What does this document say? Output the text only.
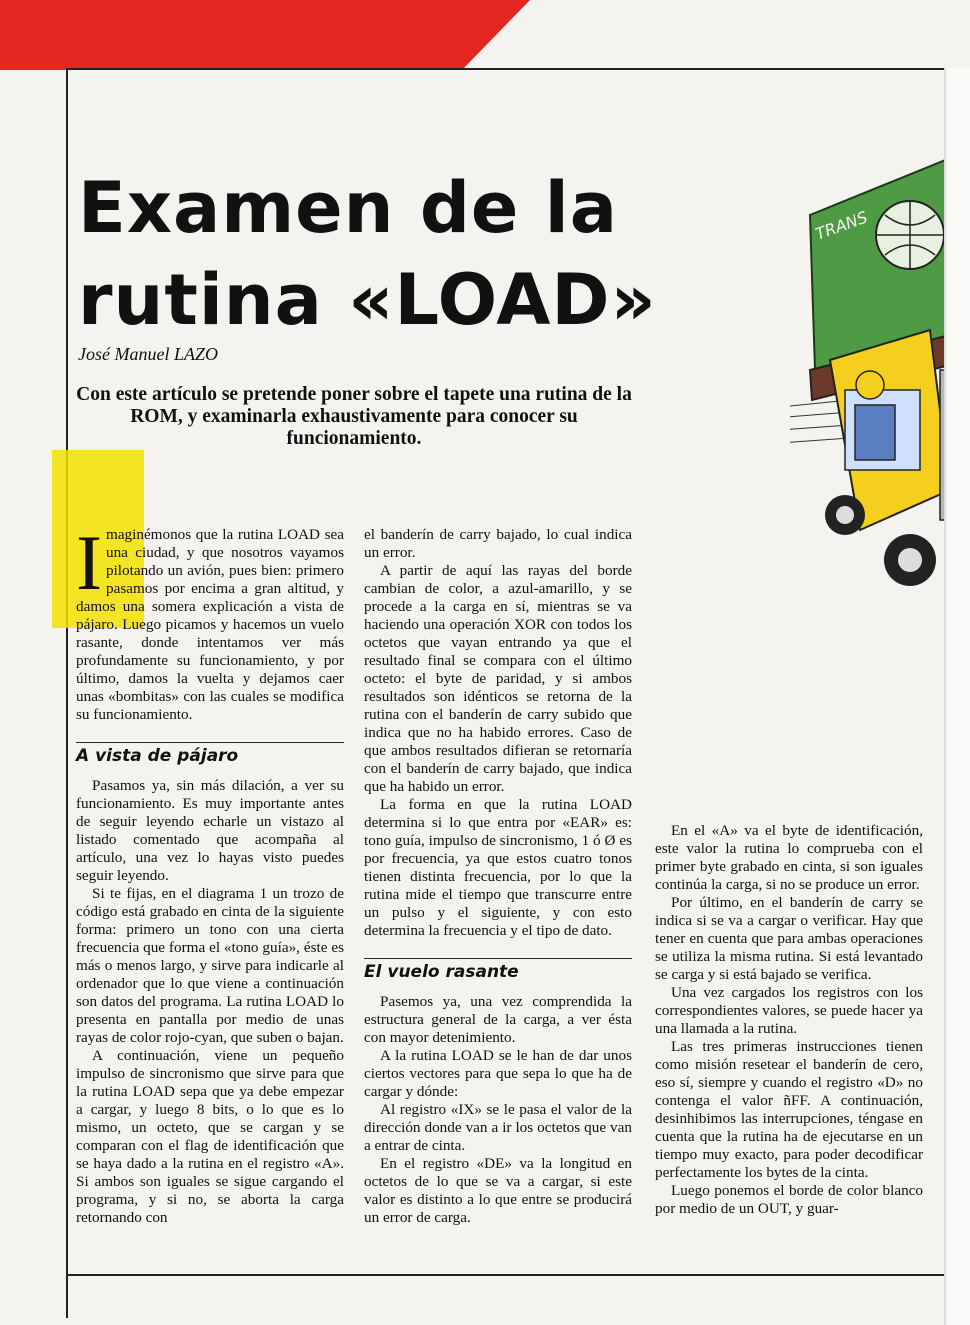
TRANS
Examen de la
rutina «LOAD»
José Manuel LAZO
Con este artículo se pretende poner sobre el tapete una rutina de la ROM, y examinarla exhaustivamente para conocer su funcionamiento.

Imaginémonos que la rutina LOAD sea una ciudad, y que nosotros vayamos pilotando un avión, pues bien: primero pasamos por encima a gran altitud, y damos una somera explicación a vista de pájaro. Luego picamos y hacemos un vuelo rasante, donde intentamos ver más profundamente su funcionamiento, y por último, damos la vuelta y dejamos caer unas «bombitas» con las cuales se modifica su funcionamiento.

A vista de pájaro

Pasamos ya, sin más dilación, a ver su funcionamiento. Es muy importante antes de seguir leyendo echarle un vistazo al listado comentado que acompaña al artículo, una vez lo hayas visto puedes seguir leyendo.

Si te fijas, en el diagrama 1 un trozo de código está grabado en cinta de la siguiente forma: primero un tono con una cierta frecuencia que forma el «tono guía», éste es más o menos largo, y sirve para indicarle al ordenador que lo que viene a continuación son datos del programa. La rutina LOAD lo presenta en pantalla por medio de unas rayas de color rojo-cyan, que suben o bajan.

A continuación, viene un pequeño impulso de sincronismo que sirve para que la rutina LOAD sepa que ya debe empezar a cargar, y luego 8 bits, o lo que es lo mismo, un octeto, que se cargan y se comparan con el flag de identificación que se haya dado a la rutina en el registro «A». Si ambos son iguales se sigue cargando el programa, y si no, se aborta la carga retornando con

el banderín de carry bajado, lo cual indica un error.

A partir de aquí las rayas del borde cambian de color, a azul-amarillo, y se procede a la carga en sí, mientras se va haciendo una operación XOR con todos los octetos que vayan entrando ya que el resultado final se compara con el último octeto: el byte de paridad, y si ambos resultados son idénticos se retorna de la rutina con el banderín de carry subido que indica que no ha habido errores. Caso de que ambos resultados difieran se retornaría con el banderín de carry bajado, que indica que ha habido un error.

La forma en que la rutina LOAD determina si lo que entra por «EAR» es: tono guía, impulso de sincronismo, 1 ó Ø es por frecuencia, ya que estos cuatro tonos tienen distinta frecuencia, por lo que la rutina mide el tiempo que transcurre entre un pulso y el siguiente, y con esto determina la frecuencia y el tipo de dato.

El vuelo rasante

Pasemos ya, una vez comprendida la estructura general de la carga, a ver ésta con mayor detenimiento.

A la rutina LOAD se le han de dar unos ciertos vectores para que sepa lo que ha de cargar y dónde:

Al registro «IX» se le pasa el valor de la dirección donde van a ir los octetos que van a entrar de cinta.

En el registro «DE» va la longitud en octetos de lo que se va a cargar, si este valor es distinto a lo que entre se producirá un error de carga.

En el «A» va el byte de identificación, este valor la rutina lo comprueba con el primer byte grabado en cinta, si son iguales continúa la carga, si no se produce un error.

Por último, en el banderín de carry se indica si se va a cargar o verificar. Hay que tener en cuenta que para ambas operaciones se utiliza la misma rutina. Si está levantado se carga y si está bajado se verifica.

Una vez cargados los registros con los correspondientes valores, se puede hacer ya una llamada a la rutina.

Las tres primeras instrucciones tienen como misión resetear el banderín de cero, eso sí, siempre y cuando el registro «D» no contenga el valor ñFF. A continuación, desinhibimos las interrupciones, téngase en cuenta que la rutina ha de ejecutarse en un tiempo muy exacto, para poder decodificar perfectamente los bytes de la cinta.

Luego ponemos el borde de color blanco por medio de un OUT, y guar-
